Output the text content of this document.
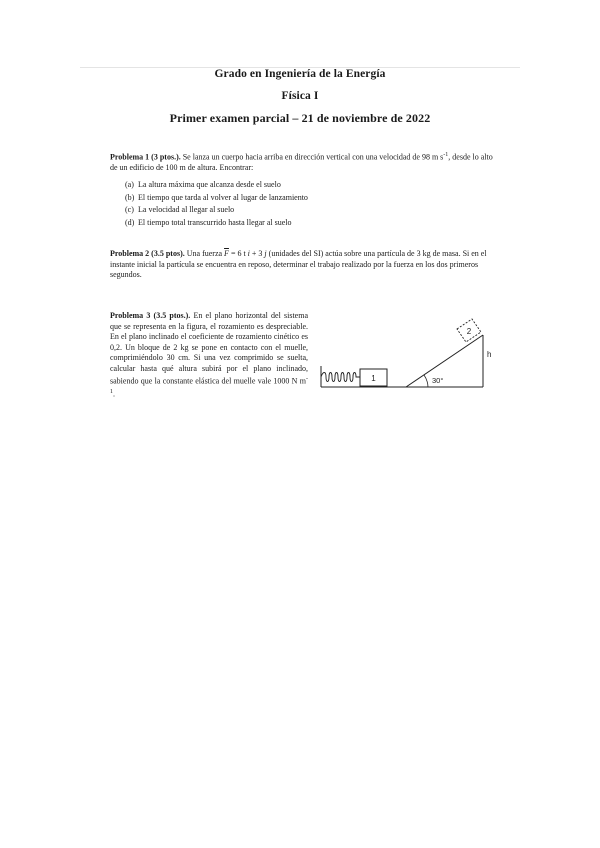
Grado en Ingeniería de la Energía
Física I
Primer examen parcial – 21 de noviembre de 2022
Problema 1 (3 ptos.). Se lanza un cuerpo hacia arriba en dirección vertical con una velocidad de 98 m $s^{-1}$, desde lo alto de un edificio de 100 m de altura. Encontrar:
(a) La altura máxima que alcanza desde el suelo
(b) El tiempo que tarda al volver al lugar de lanzamiento
(c) La velocidad al llegar al suelo
(d) El tiempo total transcurrido hasta llegar al suelo
Problema 2 (3.5 ptos). Una fuerza $\overline{F} = 6$ t i + 3 j (unidades del SI) actúa sobre una partícula de 3 kg de masa. Si en el instante inicial la partícula se encuentra en reposo, determinar el trabajo realizado por la fuerza en los dos primeros segundos.
Problema 3 (3.5 ptos.). En el plano horizontal del sistema que se representa en la figura, el rozamiento es despreciable. En el plano inclinado el coeficiente de rozamiento cinético es 0,2. Un bloque de 2 kg se pone en contacto con el muelle, comprimiéndolo 30 cm. Si una vez comprimido se suelta, calcular hasta qué altura subirá por el plano inclinado, sabiendo que la constante elástica del muelle vale 1000 N $m^{-1}$.
1
2
30°
h
